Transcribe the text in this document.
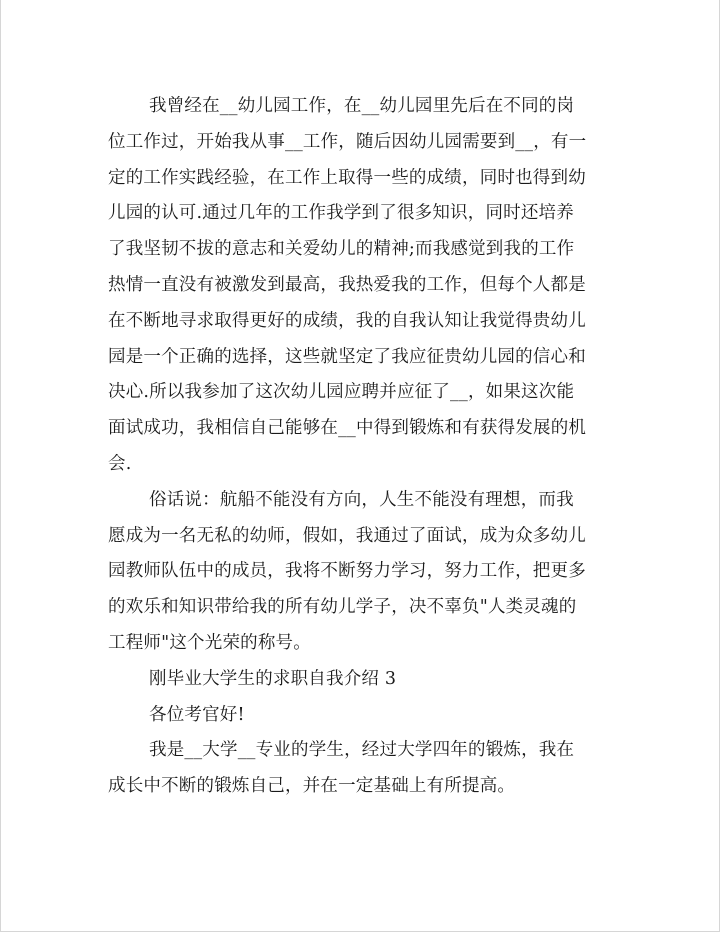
我曾经在__幼儿园工作，在__幼儿园里先后在不同的岗
位工作过，开始我从事__工作，随后因幼儿园需要到__，有一
定的工作实践经验，在工作上取得一些的成绩，同时也得到幼
儿园的认可.通过几年的工作我学到了很多知识，同时还培养
了我坚韧不拔的意志和关爱幼儿的精神;而我感觉到我的工作
热情一直没有被激发到最高，我热爱我的工作，但每个人都是
在不断地寻求取得更好的成绩，我的自我认知让我觉得贵幼儿
园是一个正确的选择，这些就坚定了我应征贵幼儿园的信心和
决心.所以我参加了这次幼儿园应聘并应征了__，如果这次能
面试成功，我相信自己能够在__中得到锻炼和有获得发展的机
会.
俗话说：航船不能没有方向，人生不能没有理想，而我
愿成为一名无私的幼师，假如，我通过了面试，成为众多幼儿
园教师队伍中的成员，我将不断努力学习，努力工作，把更多
的欢乐和知识带给我的所有幼儿学子，决不辜负"人类灵魂的
工程师"这个光荣的称号。
刚毕业大学生的求职自我介绍 3
各位考官好!
我是__大学__专业的学生，经过大学四年的锻炼，我在
成长中不断的锻炼自己，并在一定基础上有所提高。
